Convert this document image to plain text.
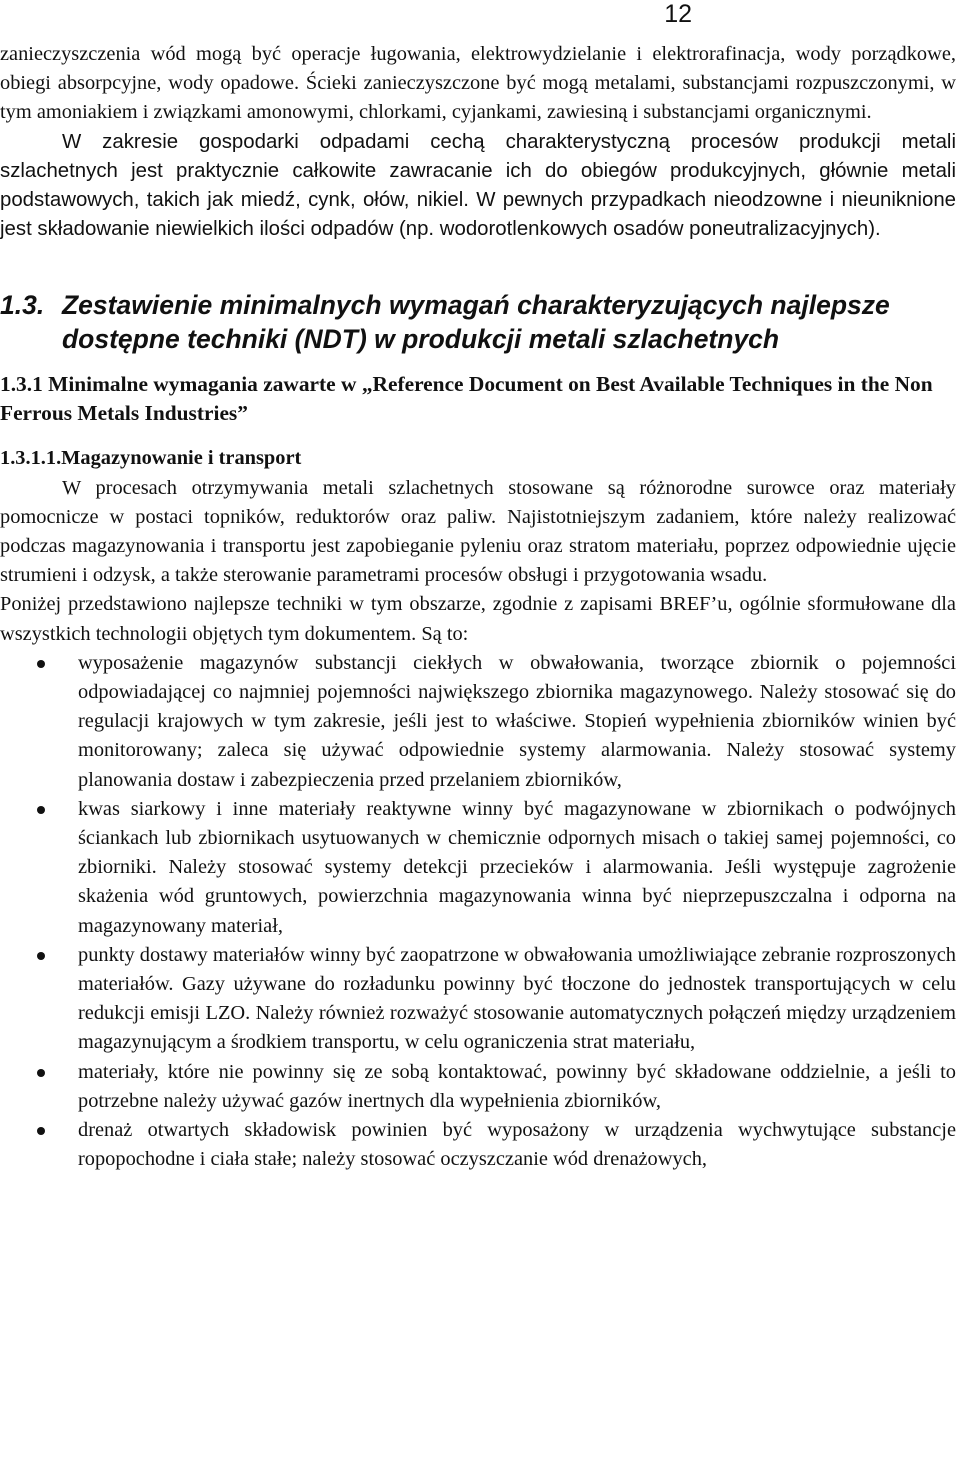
12

zanieczyszczenia wód mogą być operacje ługowania, elektrowydzielanie i elektrorafinacja, wody porządkowe, obiegi absorpcyjne, wody opadowe. Ścieki zanieczyszczone być mogą metalami, substancjami rozpuszczonymi, w tym amoniakiem i związkami amonowymi, chlorkami, cyjankami, zawiesiną i substancjami organicznymi.

W zakresie gospodarki odpadami cechą charakterystyczną procesów produkcji metali szlachetnych jest praktycznie całkowite zawracanie ich do obiegów produkcyjnych, głównie metali podstawowych, takich jak miedź, cynk, ołów, nikiel. W pewnych przypadkach nieodzowne i nieuniknione jest składowanie niewielkich ilości odpadów (np. wodorotlenkowych osadów poneutralizacyjnych).

1.3. Zestawienie minimalnych wymagań charakteryzujących najlepsze dostępne techniki (NDT) w produkcji metali szlachetnych
1.3.1 Minimalne wymagania zawarte w „Reference Document on Best Available Techniques in the Non Ferrous Metals Industries”
1.3.1.1.Magazynowanie i transport

W procesach otrzymywania metali szlachetnych stosowane są różnorodne surowce oraz materiały pomocnicze w postaci topników, reduktorów oraz paliw. Najistotniejszym zadaniem, które należy realizować podczas magazynowania i transportu jest zapobieganie pyleniu oraz stratom materiału, poprzez odpowiednie ujęcie strumieni i odzysk, a także sterowanie parametrami procesów obsługi i przygotowania wsadu.

Poniżej przedstawiono najlepsze techniki w tym obszarze, zgodnie z zapisami BREF’u, ogólnie sformułowane dla wszystkich technologii objętych tym dokumentem. Są to:

wyposażenie magazynów substancji ciekłych w obwałowania, tworzące zbiornik o pojemności odpowiadającej co najmniej pojemności największego zbiornika magazynowego. Należy stosować się do regulacji krajowych w tym zakresie, jeśli jest to właściwe. Stopień wypełnienia zbiorników winien być monitorowany; zaleca się używać odpowiednie systemy alarmowania. Należy stosować systemy planowania dostaw i zabezpieczenia przed przelaniem zbiorników,
kwas siarkowy i inne materiały reaktywne winny być magazynowane w zbiornikach o podwójnych ściankach lub zbiornikach usytuowanych w chemicznie odpornych misach o takiej samej pojemności, co zbiorniki. Należy stosować systemy detekcji przecieków i alarmowania. Jeśli występuje zagrożenie skażenia wód gruntowych, powierzchnia magazynowania winna być nieprzepuszczalna i odporna na magazynowany materiał,
punkty dostawy materiałów winny być zaopatrzone w obwałowania umożliwiające zebranie rozproszonych materiałów. Gazy używane do rozładunku powinny być tłoczone do jednostek transportujących w celu redukcji emisji LZO. Należy również rozważyć stosowanie automatycznych połączeń między urządzeniem magazynującym a środkiem transportu, w celu ograniczenia strat materiału,
materiały, które nie powinny się ze sobą kontaktować, powinny być składowane oddzielnie, a jeśli to potrzebne należy używać gazów inertnych dla wypełnienia zbiorników,
drenaż otwartych składowisk powinien być wyposażony w urządzenia wychwytujące substancje ropopochodne i ciała stałe; należy stosować oczyszczanie wód drenażowych,
